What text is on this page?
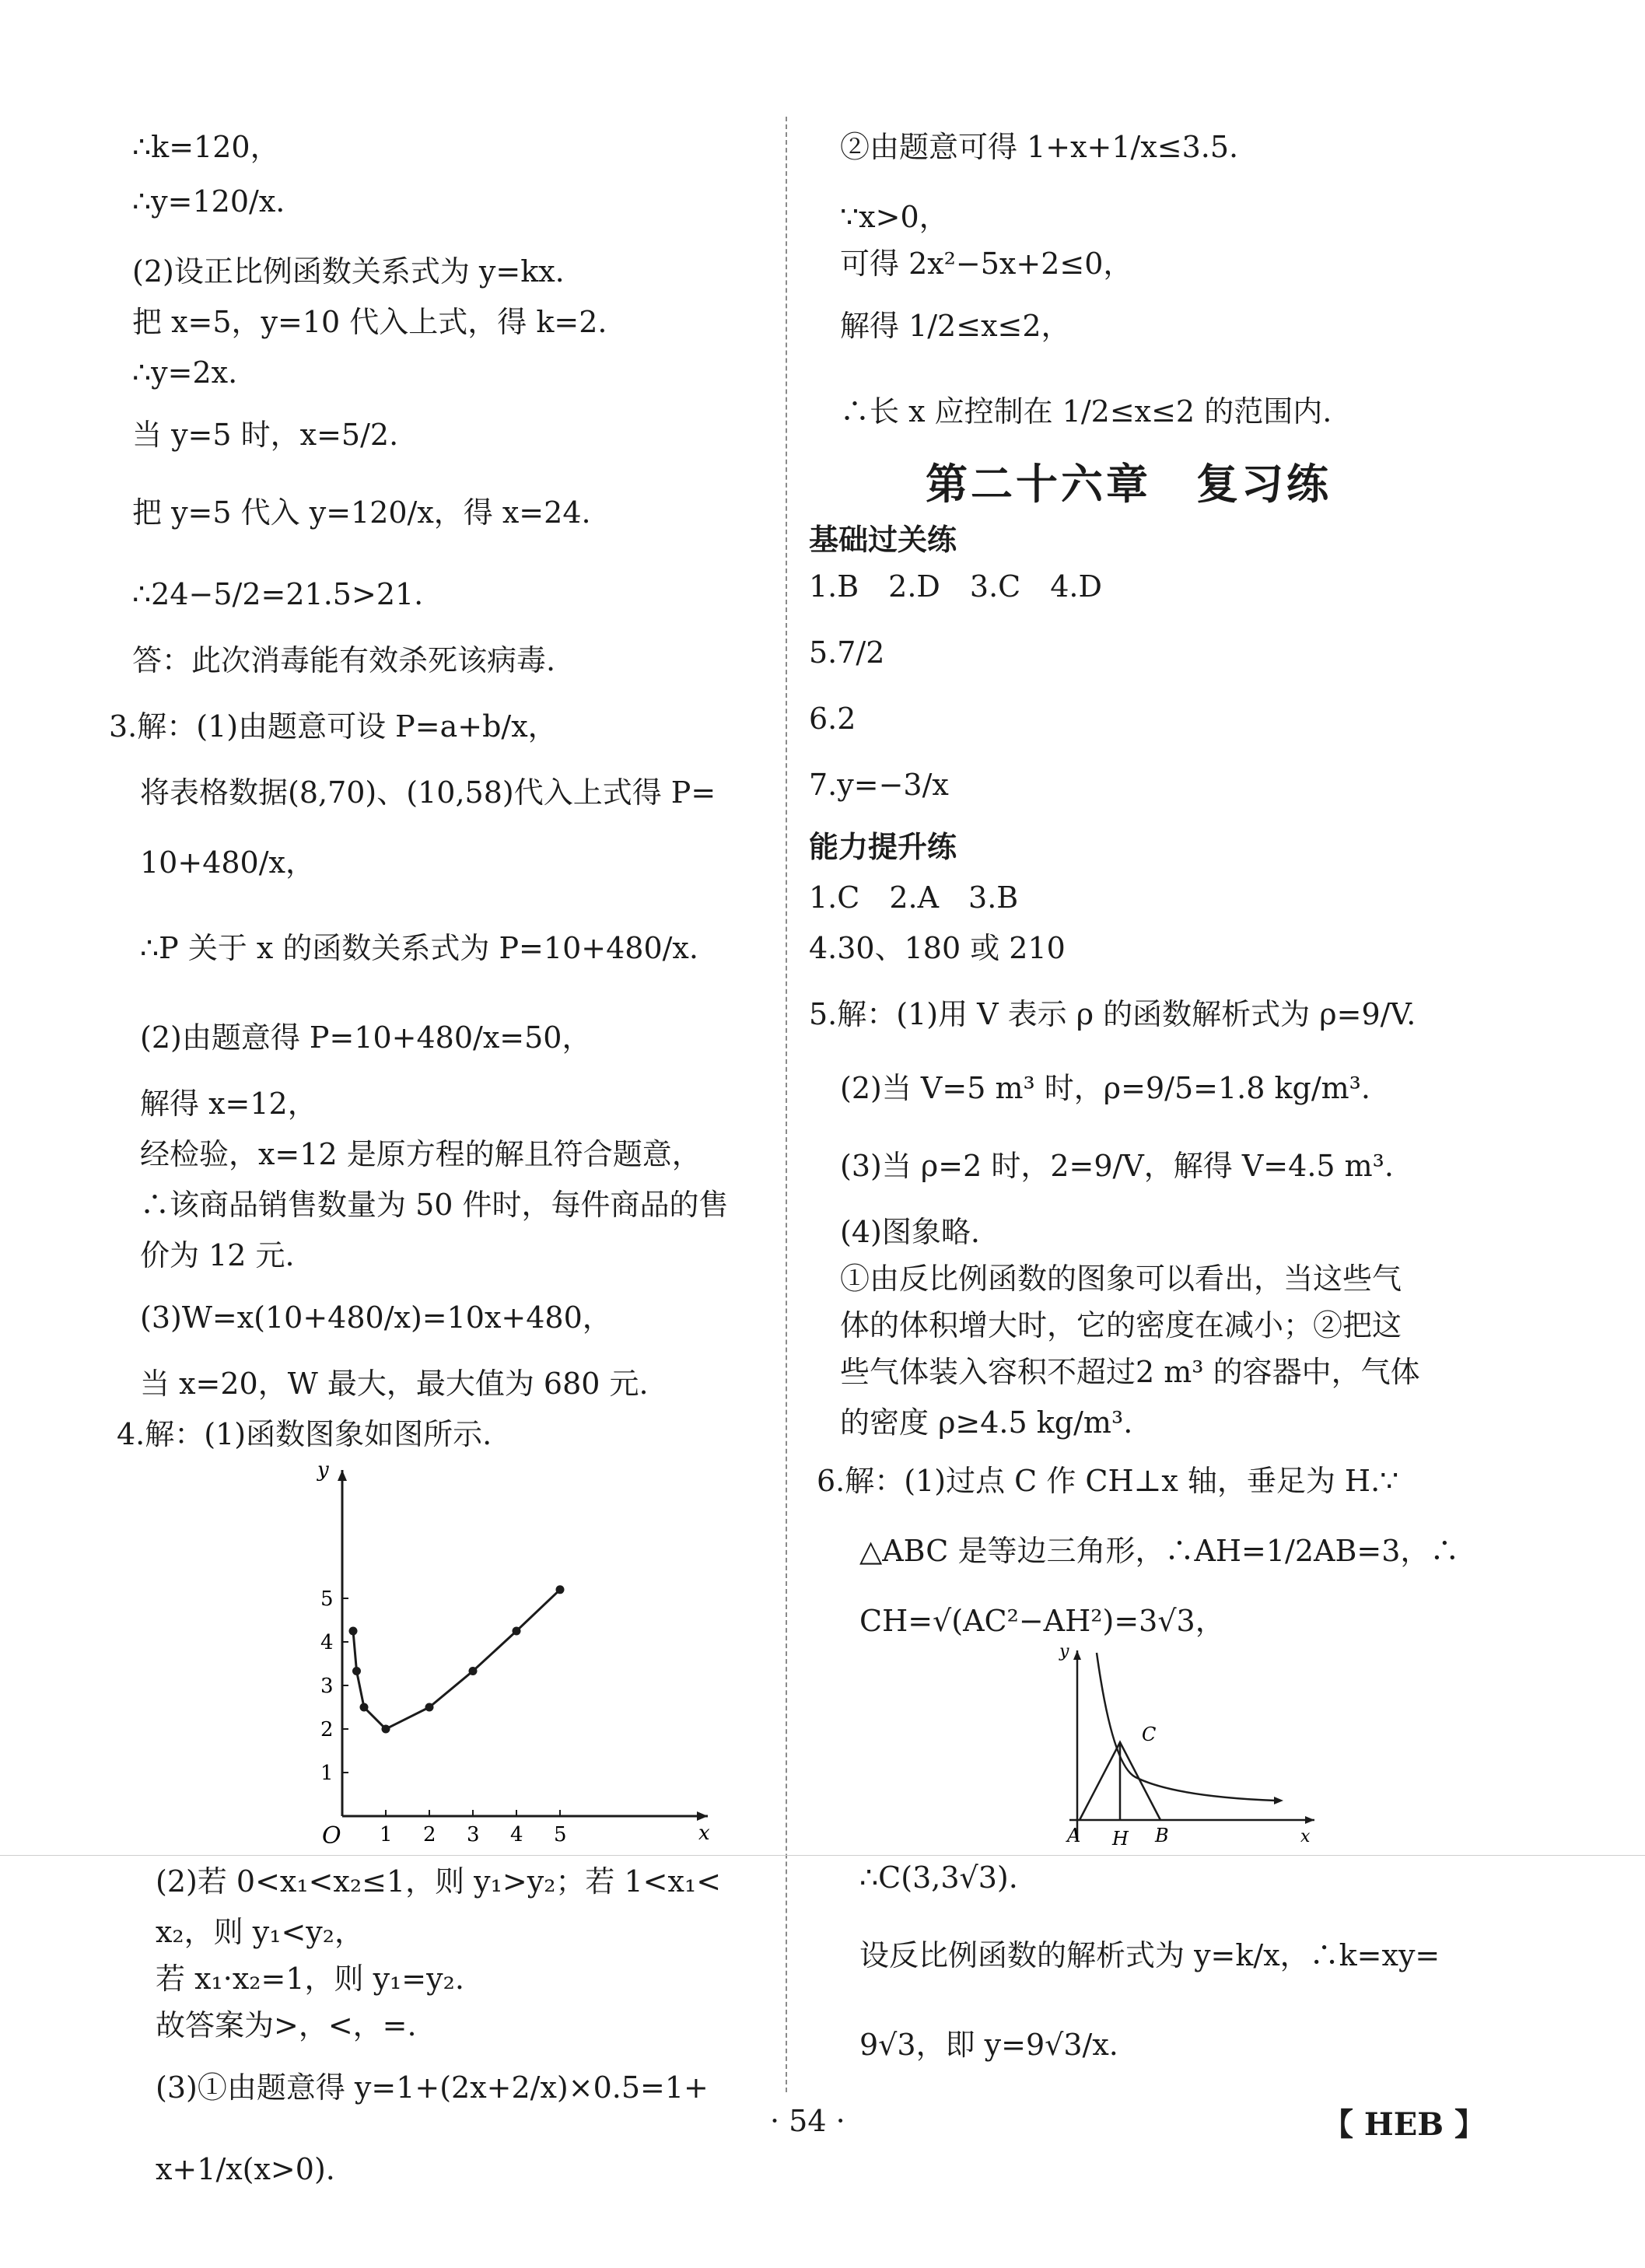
∴k=120，
∴y=120/x.
(2)设正比例函数关系式为 y=kx.
把 x=5，y=10 代入上式，得 k=2.
∴y=2x.
当 y=5 时，x=5/2.
把 y=5 代入 y=120/x，得 x=24.
∴24−5/2=21.5>21.
答：此次消毒能有效杀死该病毒.
3.解：(1)由题意可设 P=a+b/x，
将表格数据(8,70)、(10,58)代入上式得 P=
10+480/x，
∴P 关于 x 的函数关系式为 P=10+480/x.
(2)由题意得 P=10+480/x=50，
解得 x=12，
经检验，x=12 是原方程的解且符合题意，
∴该商品销售数量为 50 件时，每件商品的售
价为 12 元.
(3)W=x(10+480/x)=10x+480，
当 x=20，W 最大，最大值为 680 元.
4.解：(1)函数图象如图所示.
y
x
O 1 2 3 4 5
1
2
3
4
5
(2)若 0<x₁<x₂≤1，则 y₁>y₂；若 1<x₁<
x₂，则 y₁<y₂，
若 x₁·x₂=1，则 y₁=y₂.
故答案为>，<，=.
(3)①由题意得 y=1+(2x+2/x)×0.5=1+
x+1/x(x>0).
②由题意可得 1+x+1/x≤3.5.
∵x>0，
可得 2x²−5x+2≤0，
解得 1/2≤x≤2，
∴长 x 应控制在 1/2≤x≤2 的范围内.
第二十六章　复习练
基础过关练
1.B　2.D　3.C　4.D
5.7/2
6.2
7.y=−3/x
能力提升练
1.C　2.A　3.B
4.30、180 或 210
5.解：(1)用 V 表示 ρ 的函数解析式为 ρ=9/V.
(2)当 V=5 m³ 时，ρ=9/5=1.8 kg/m³.
(3)当 ρ=2 时，2=9/V，解得 V=4.5 m³.
(4)图象略.
①由反比例函数的图象可以看出，当这些气
体的体积增大时，它的密度在减小；②把这
些气体装入容积不超过2 m³ 的容器中，气体
的密度 ρ≥4.5 kg/m³.
6.解：(1)过点 C 作 CH⊥x 轴，垂足为 H.∵
△ABC 是等边三角形，∴AH=1/2AB=3，∴
CH=√(AC²−AH²)=3√3，
y
x
A H B
C
∴C(3,3√3).
设反比例函数的解析式为 y=k/x，∴k=xy=
9√3，即 y=9√3/x.
· 54 ·	【 HEB 】
